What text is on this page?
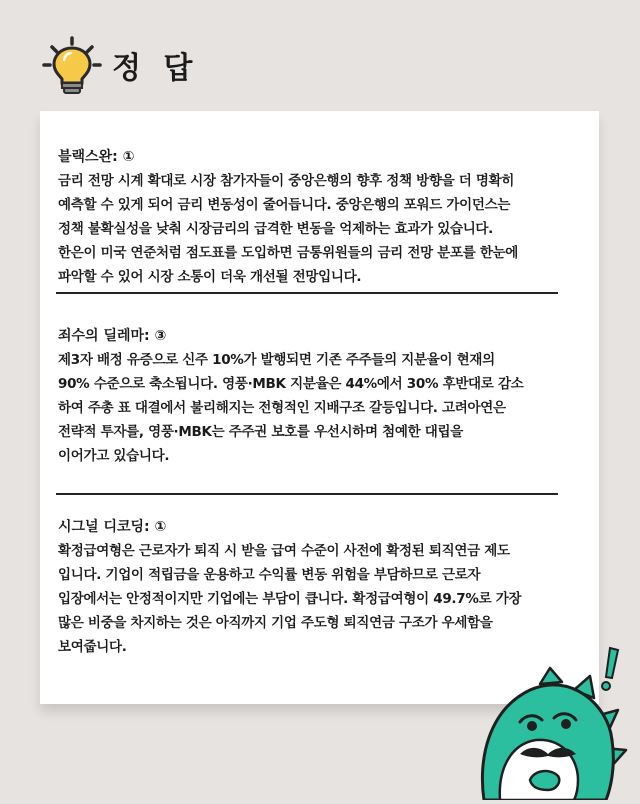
정 답

블랙스완: ①

금리 전망 시계 확대로 시장 참가자들이 중앙은행의 향후 정책 방향을 더 명확히
예측할 수 있게 되어 금리 변동성이 줄어듭니다. 중앙은행의 포워드 가이던스는
정책 불확실성을 낮춰 시장금리의 급격한 변동을 억제하는 효과가 있습니다.
한은이 미국 연준처럼 점도표를 도입하면 금통위원들의 금리 전망 분포를 한눈에
파악할 수 있어 시장 소통이 더욱 개선될 전망입니다.

죄수의 딜레마: ③

제3자 배정 유증으로 신주 10%가 발행되면 기존 주주들의 지분율이 현재의
90% 수준으로 축소됩니다. 영풍·MBK 지분율은 44%에서 30% 후반대로 감소
하여 주총 표 대결에서 불리해지는 전형적인 지배구조 갈등입니다. 고려아연은
전략적 투자를, 영풍·MBK는 주주권 보호를 우선시하며 첨예한 대립을
이어가고 있습니다.

시그널 디코딩: ①

확정급여형은 근로자가 퇴직 시 받을 급여 수준이 사전에 확정된 퇴직연금 제도
입니다. 기업이 적립금을 운용하고 수익률 변동 위험을 부담하므로 근로자
입장에서는 안정적이지만 기업에는 부담이 큽니다. 확정급여형이 49.7%로 가장
많은 비중을 차지하는 것은 아직까지 기업 주도형 퇴직연금 구조가 우세함을
보여줍니다.
